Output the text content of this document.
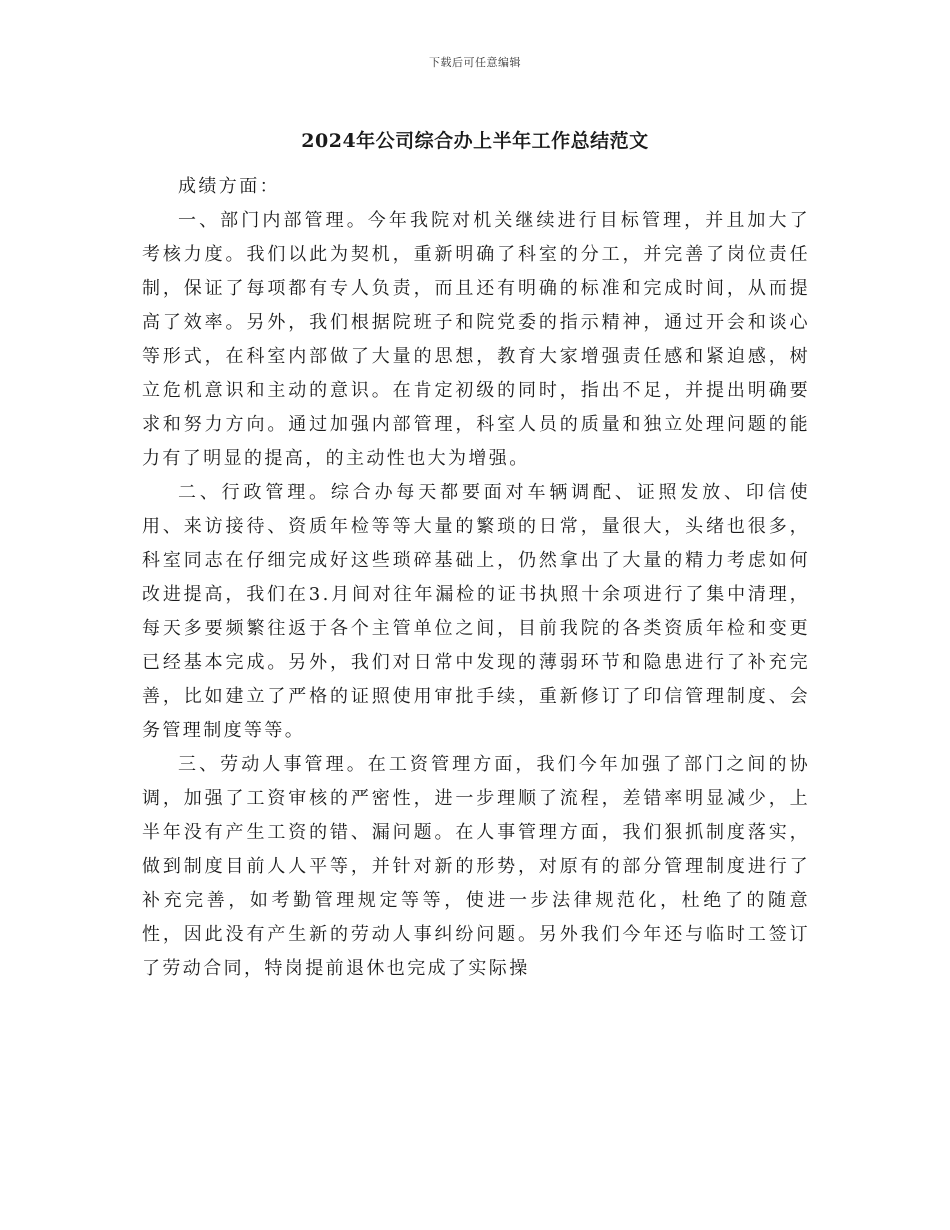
下载后可任意编辑
2024年公司综合办上半年工作总结范文

成绩方面：

一、部门内部管理。今年我院对机关继续进行目标管理，并且加大了考核力度。我们以此为契机，重新明确了科室的分工，并完善了岗位责任制，保证了每项都有专人负责，而且还有明确的标准和完成时间，从而提高了效率。另外，我们根据院班子和院党委的指示精神，通过开会和谈心等形式，在科室内部做了大量的思想，教育大家增强责任感和紧迫感，树立危机意识和主动的意识。在肯定初级的同时，指出不足，并提出明确要求和努力方向。通过加强内部管理，科室人员的质量和独立处理问题的能力有了明显的提高，的主动性也大为增强。

二、行政管理。综合办每天都要面对车辆调配、证照发放、印信使用、来访接待、资质年检等等大量的繁琐的日常，量很大，头绪也很多，科室同志在仔细完成好这些琐碎基础上，仍然拿出了大量的精力考虑如何改进提高，我们在3.月间对往年漏检的证书执照十余项进行了集中清理，每天多要频繁往返于各个主管单位之间，目前我院的各类资质年检和变更已经基本完成。另外，我们对日常中发现的薄弱环节和隐患进行了补充完善，比如建立了严格的证照使用审批手续，重新修订了印信管理制度、会务管理制度等等。

三、劳动人事管理。在工资管理方面，我们今年加强了部门之间的协调，加强了工资审核的严密性，进一步理顺了流程，差错率明显减少，上半年没有产生工资的错、漏问题。在人事管理方面，我们狠抓制度落实，做到制度目前人人平等，并针对新的形势，对原有的部分管理制度进行了补充完善，如考勤管理规定等等，使进一步法律规范化，杜绝了的随意性，因此没有产生新的劳动人事纠纷问题。另外我们今年还与临时工签订了劳动合同，特岗提前退休也完成了实际操
